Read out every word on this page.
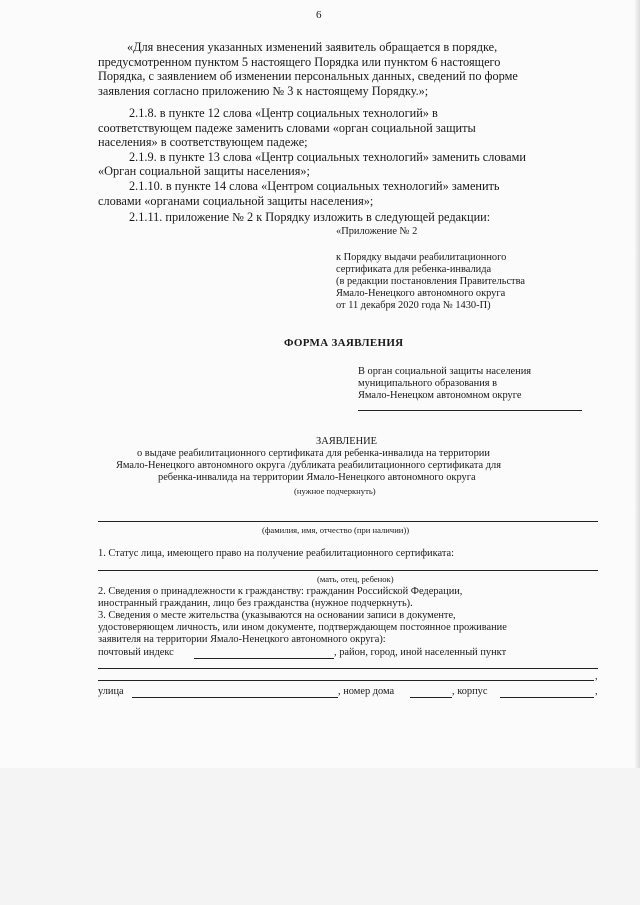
6
«Для внесения указанных изменений заявитель обращается в порядке,
предусмотренном пунктом 5 настоящего Порядка или пунктом 6 настоящего
Порядка, с заявлением об изменении персональных данных, сведений по форме
заявления согласно приложению № 3 к настоящему Порядку.»;
2.1.8. в пункте 12 слова «Центр социальных технологий» в
соответствующем падеже заменить словами «орган социальной защиты
населения» в соответствующем падеже;
2.1.9. в пункте 13 слова «Центр социальных технологий» заменить словами
«Орган социальной защиты населения»;
2.1.10. в пункте 14 слова «Центром социальных технологий» заменить
словами «органами социальной защиты населения»;
2.1.11. приложение № 2 к Порядку изложить в следующей редакции:
«Приложение № 2
к Порядку выдачи реабилитационного
сертификата для ребенка-инвалида
(в редакции постановления Правительства
Ямало-Ненецкого автономного округа
от 11 декабря 2020 года № 1430-П)
ФОРМА ЗАЯВЛЕНИЯ
В орган социальной защиты населения
муниципального образования в
Ямало-Ненецком автономном округе
ЗАЯВЛЕНИЕ
о выдаче реабилитационного сертификата для ребенка-инвалида на территории
Ямало-Ненецкого автономного округа /дубликата реабилитационного сертификата для
ребенка-инвалида на территории Ямало-Ненецкого автономного округа
(нужное подчеркнуть)
(фамилия, имя, отчество (при наличии))
1. Статус лица, имеющего право на получение реабилитационного сертификата:
(мать, отец, ребенок)
2. Сведения о принадлежности к гражданству: гражданин Российской Федерации,
иностранный гражданин, лицо без гражданства (нужное подчеркнуть).
3. Сведения о месте жительства (указываются на основании записи в документе,
удостоверяющем личность, или ином документе, подтверждающем постоянное проживание
заявителя на территории Ямало-Ненецкого автономного округа):
почтовый индекс	, район, город, иной населенный пункт
,
улица	, номер дома	, корпус	,
